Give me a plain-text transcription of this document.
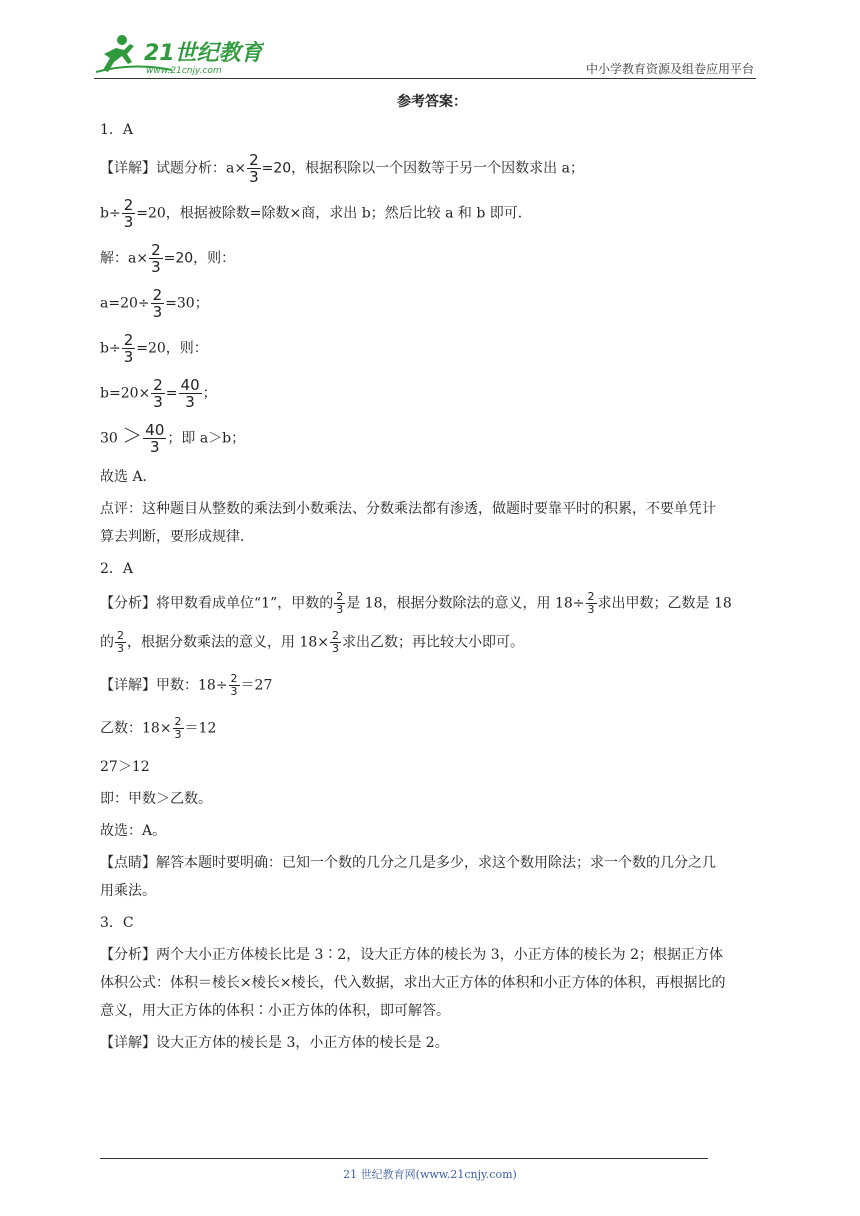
21世纪教育
www.21cnjy.com	中小学教育资源及组卷应用平台
参考答案：
1．A
【详解】试题分析：$a\times \frac{2}{3} =20$，根据积除以一个因数等于另一个因数求出 a；
$b\div \frac{2}{3} =20$，根据被除数=除数×商，求出 b；然后比较 a 和 b 即可．
解：$a\times \frac{2}{3} =20$，则：
$a=20\div \frac{2}{3} =30$；
$b\div \frac{2}{3} =20$，则：
$b=20\times \frac{2}{3} = \frac{40}{3}$ ；
$30 > \frac{40}{3}$ ；即 a＞b；
故选 A．
点评：这种题目从整数的乘法到小数乘法、分数乘法都有渗透，做题时要靠平时的积累，不要单凭计
算去判断，要形成规律．
2．A
【分析】将甲数看成单位“1”，甲数的 $\frac{2}{3}$ 是 18，根据分数除法的意义，用 $18\div \frac{2}{3}$ 求出甲数；乙数是 18
的 $\frac{2}{3}$ ，根据分数乘法的意义，用 $18\times \frac{2}{3}$ 求出乙数；再比较大小即可。
【详解】甲数：$18\div \frac{2}{3} =27$
乙数：$18\times \frac{2}{3} =12$
27＞12
即：甲数＞乙数。
故选：A。
【点睛】解答本题时要明确：已知一个数的几分之几是多少，求这个数用除法；求一个数的几分之几
用乘法。
3．C
【分析】两个大小正方体棱长比是 3∶2，设大正方体的棱长为 3，小正方体的棱长为 2；根据正方体
体积公式：体积＝棱长×棱长×棱长，代入数据，求出大正方体的体积和小正方体的体积，再根据比的
意义，用大正方体的体积∶小正方体的体积，即可解答。
【详解】设大正方体的棱长是 3，小正方体的棱长是 2。
21 世纪教育网(www.21cnjy.com)
